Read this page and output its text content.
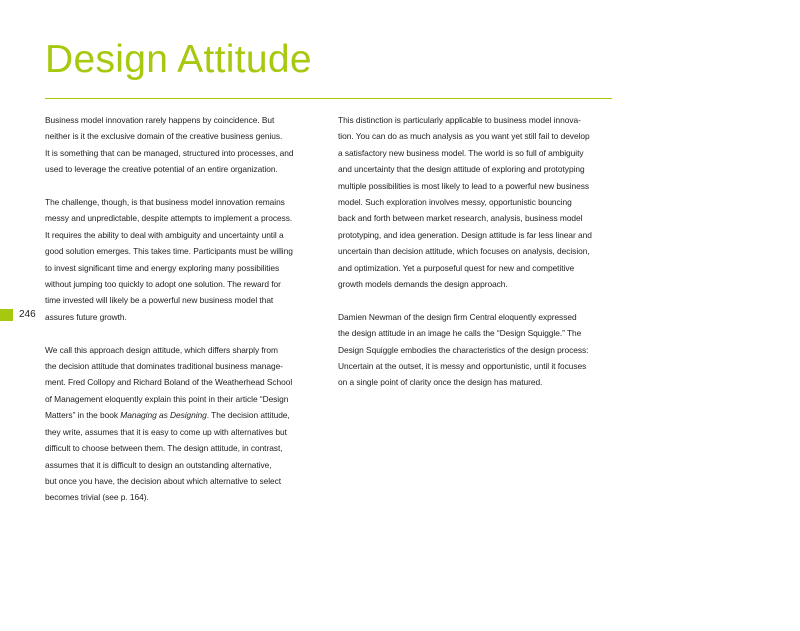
Design Attitude

Business model innovation rarely happens by coincidence. But
neither is it the exclusive domain of the creative business genius.
It is something that can be managed, structured into processes, and
used to leverage the creative potential of an entire organization.

The challenge, though, is that business model innovation remains
messy and unpredictable, despite attempts to implement a process.
It requires the ability to deal with ambiguity and uncertainty until a
good solution emerges. This takes time. Participants must be willing
to invest significant time and energy exploring many possibilities
without jumping too quickly to adopt one solution. The reward for
time invested will likely be a powerful new business model that
assures future growth.

We call this approach design attitude, which differs sharply from
the decision attitude that dominates traditional business manage-
ment. Fred Collopy and Richard Boland of the Weatherhead School
of Management eloquently explain this point in their article “Design
Matters” in the book Managing as Designing. The decision attitude,
they write, assumes that it is easy to come up with alternatives but
difficult to choose between them. The design attitude, in contrast,
assumes that it is difficult to design an outstanding alternative,
but once you have, the decision about which alternative to select
becomes trivial (see p. 164).

This distinction is particularly applicable to business model innova-
tion. You can do as much analysis as you want yet still fail to develop
a satisfactory new business model. The world is so full of ambiguity
and uncertainty that the design attitude of exploring and prototyping
multiple possibilities is most likely to lead to a powerful new business
model. Such exploration involves messy, opportunistic bouncing
back and forth between market research, analysis, business model
prototyping, and idea generation. Design attitude is far less linear and
uncertain than decision attitude, which focuses on analysis, decision,
and optimization. Yet a purposeful quest for new and competitive
growth models demands the design approach.

Damien Newman of the design firm Central eloquently expressed
the design attitude in an image he calls the “Design Squiggle.” The
Design Squiggle embodies the characteristics of the design process:
Uncertain at the outset, it is messy and opportunistic, until it focuses
on a single point of clarity once the design has matured.

246
